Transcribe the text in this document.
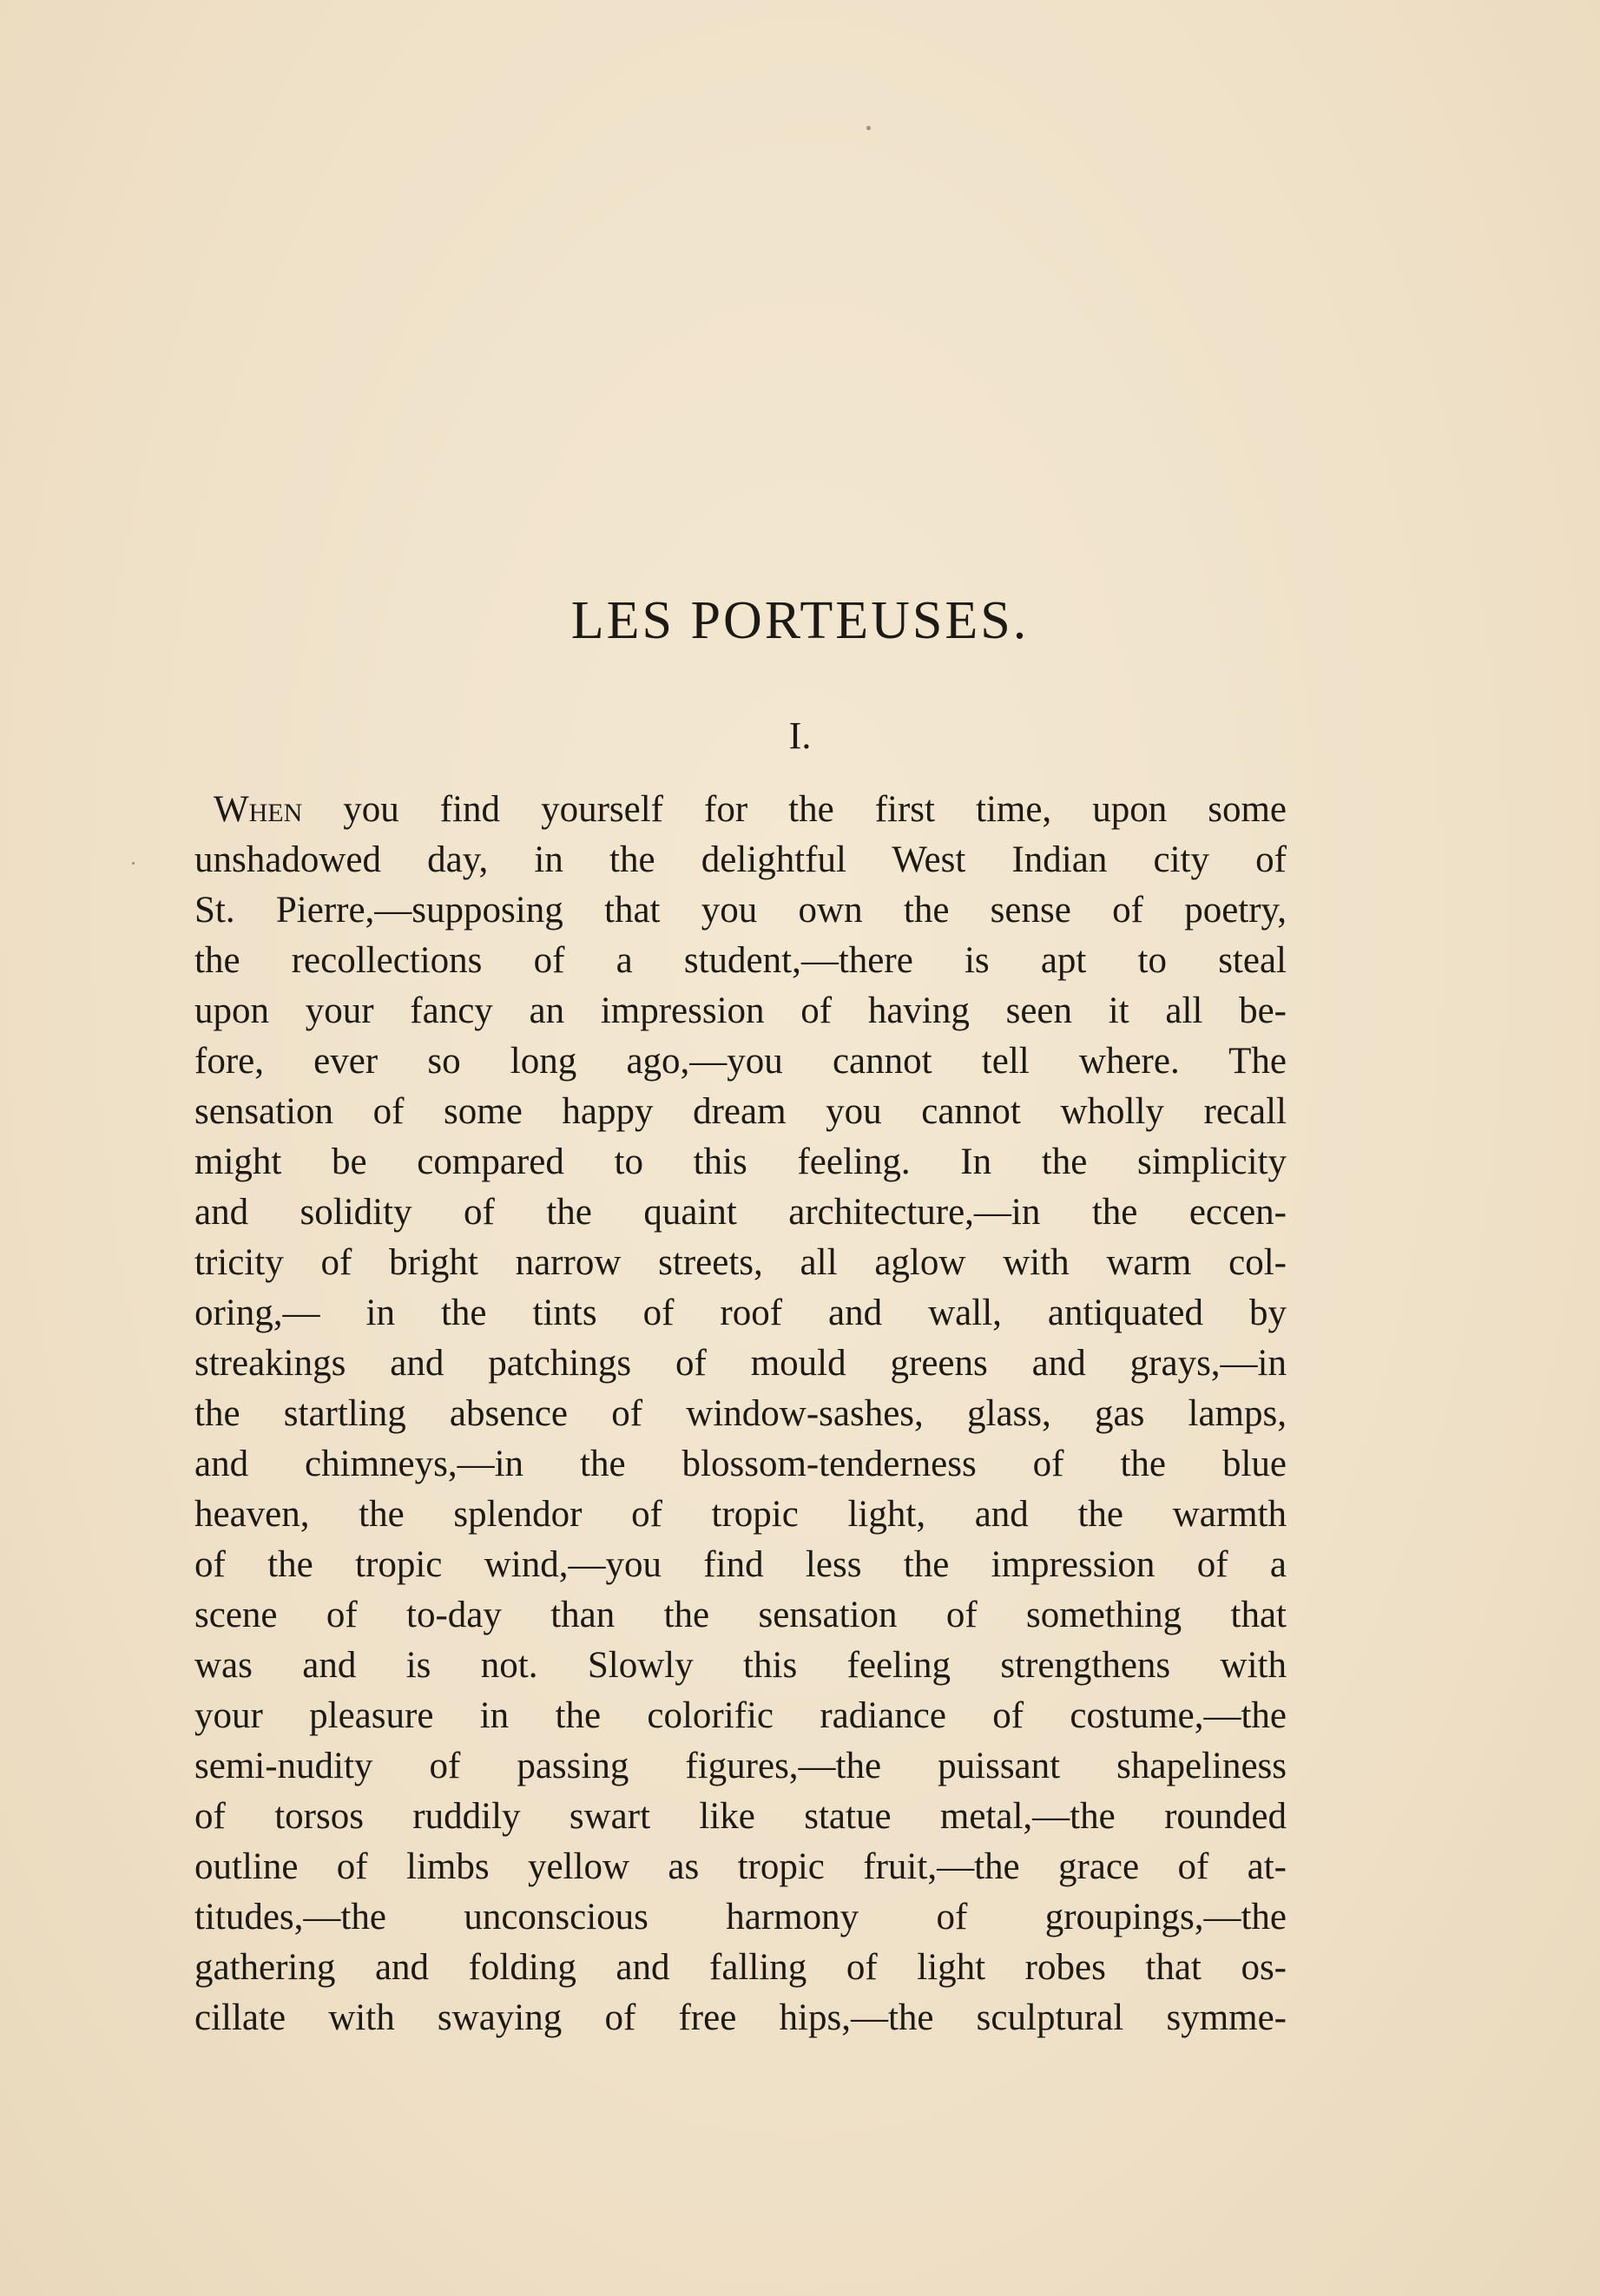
LES PORTEUSES.
I.
When you find yourself for the first time, upon some
unshadowed day, in the delightful West Indian city of
St. Pierre,—supposing that you own the sense of poetry,
the recollections of a student,—there is apt to steal
upon your fancy an impression of having seen it all be-
fore, ever so long ago,—you cannot tell where. The
sensation of some happy dream you cannot wholly recall
might be compared to this feeling. In the simplicity
and solidity of the quaint architecture,—in the eccen-
tricity of bright narrow streets, all aglow with warm col-
oring,— in the tints of roof and wall, antiquated by
streakings and patchings of mould greens and grays,—in
the startling absence of window-sashes, glass, gas lamps,
and chimneys,—in the blossom-tenderness of the blue
heaven, the splendor of tropic light, and the warmth
of the tropic wind,—you find less the impression of a
scene of to-day than the sensation of something that
was and is not. Slowly this feeling strengthens with
your pleasure in the colorific radiance of costume,—the
semi-nudity of passing figures,—the puissant shapeliness
of torsos ruddily swart like statue metal,—the rounded
outline of limbs yellow as tropic fruit,—the grace of at-
titudes,—the unconscious harmony of groupings,—the
gathering and folding and falling of light robes that os-
cillate with swaying of free hips,—the sculptural symme-
